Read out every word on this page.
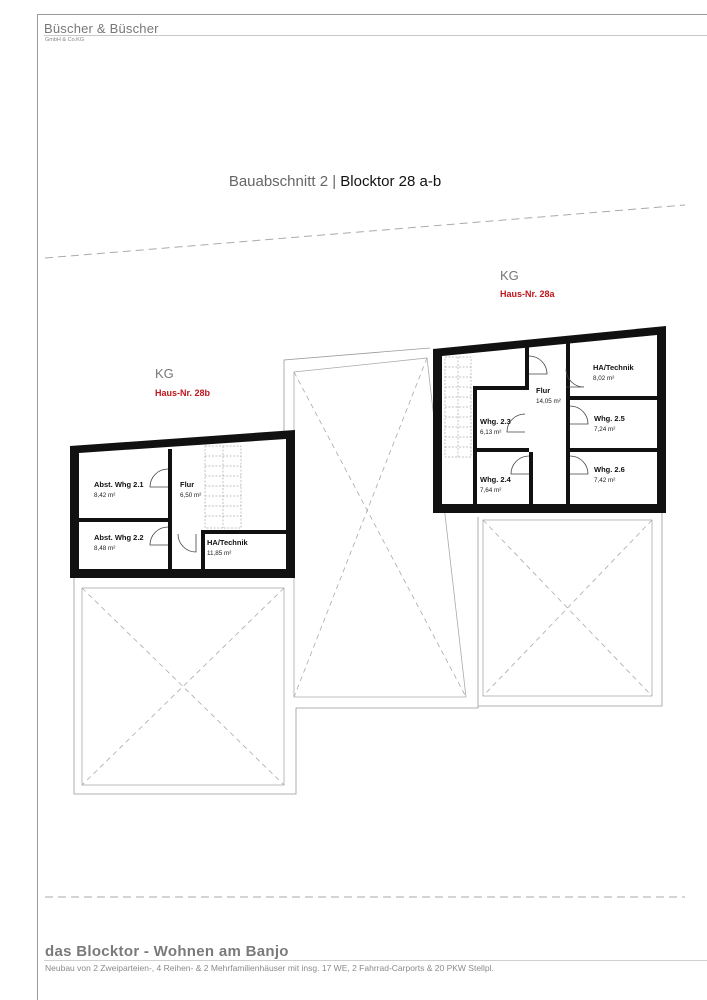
Büscher & Büscher
GmbH & Co.KG
Bauabschnitt 2 | Blocktor 28 a-b
KG
Haus-Nr. 28b
Abst. Whg 2.1
8,42 m²
Flur
6,50 m²
Abst. Whg 2.2
8,48 m²
HA/Technik
11,85 m²
KG
Haus-Nr. 28a
HA/Technik
8,02 m²
Flur
14,05 m²
Whg. 2.3
6,13 m²
Whg. 2.5
7,24 m²
Whg. 2.4
7,64 m²
Whg. 2.6
7,42 m²
das Blocktor - Wohnen am Banjo
Neubau von 2 Zweiparteien-, 4 Reihen- & 2 Mehrfamilienhäuser mit insg. 17 WE, 2 Fahrrad-Carports & 20 PKW Stellpl.
